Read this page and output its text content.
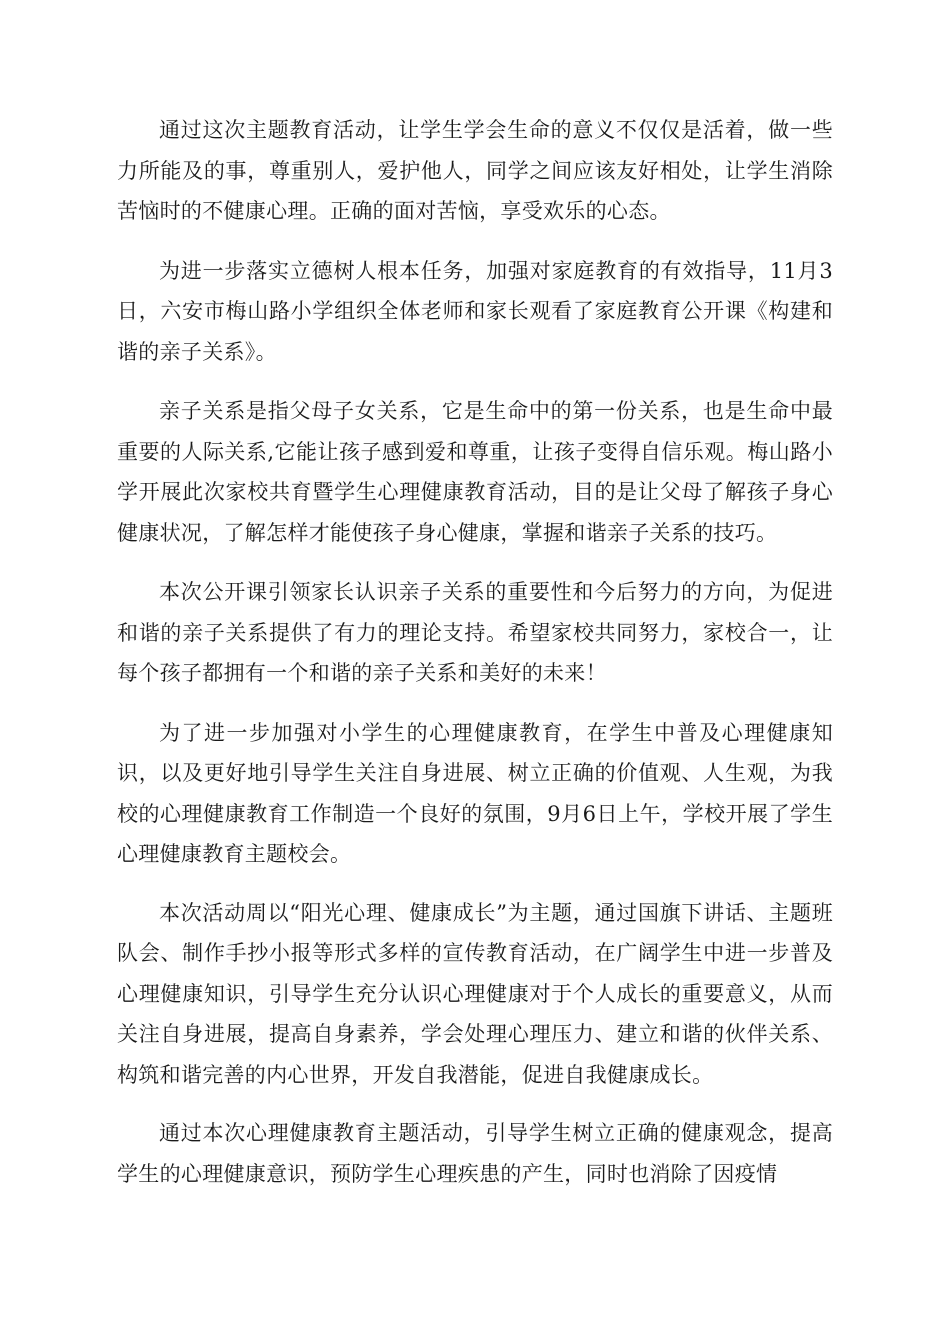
通过这次主题教育活动，让学生学会生命的意义不仅仅是活着，做一些力所能及的事，尊重别人，爱护他人，同学之间应该友好相处，让学生消除苦恼时的不健康心理。正确的面对苦恼，享受欢乐的心态。

为进一步落实立德树人根本任务，加强对家庭教育的有效指导，11月3日，六安市梅山路小学组织全体老师和家长观看了家庭教育公开课《构建和谐的亲子关系》。

亲子关系是指父母子女关系，它是生命中的第一份关系，也是生命中最重要的人际关系,它能让孩子感到爱和尊重，让孩子变得自信乐观。梅山路小学开展此次家校共育暨学生心理健康教育活动，目的是让父母了解孩子身心健康状况，了解怎样才能使孩子身心健康，掌握和谐亲子关系的技巧。

本次公开课引领家长认识亲子关系的重要性和今后努力的方向，为促进和谐的亲子关系提供了有力的理论支持。希望家校共同努力，家校合一，让每个孩子都拥有一个和谐的亲子关系和美好的未来！

为了进一步加强对小学生的心理健康教育，在学生中普及心理健康知识，以及更好地引导学生关注自身进展、树立正确的价值观、人生观，为我校的心理健康教育工作制造一个良好的氛围，9月6日上午，学校开展了学生心理健康教育主题校会。

本次活动周以“阳光心理、健康成长”为主题，通过国旗下讲话、主题班队会、制作手抄小报等形式多样的宣传教育活动，在广阔学生中进一步普及心理健康知识，引导学生充分认识心理健康对于个人成长的重要意义，从而关注自身进展，提高自身素养，学会处理心理压力、建立和谐的伙伴关系、构筑和谐完善的内心世界，开发自我潜能，促进自我健康成长。

通过本次心理健康教育主题活动，引导学生树立正确的健康观念，提高学生的心理健康意识，预防学生心理疾患的产生，同时也消除了因疫情
